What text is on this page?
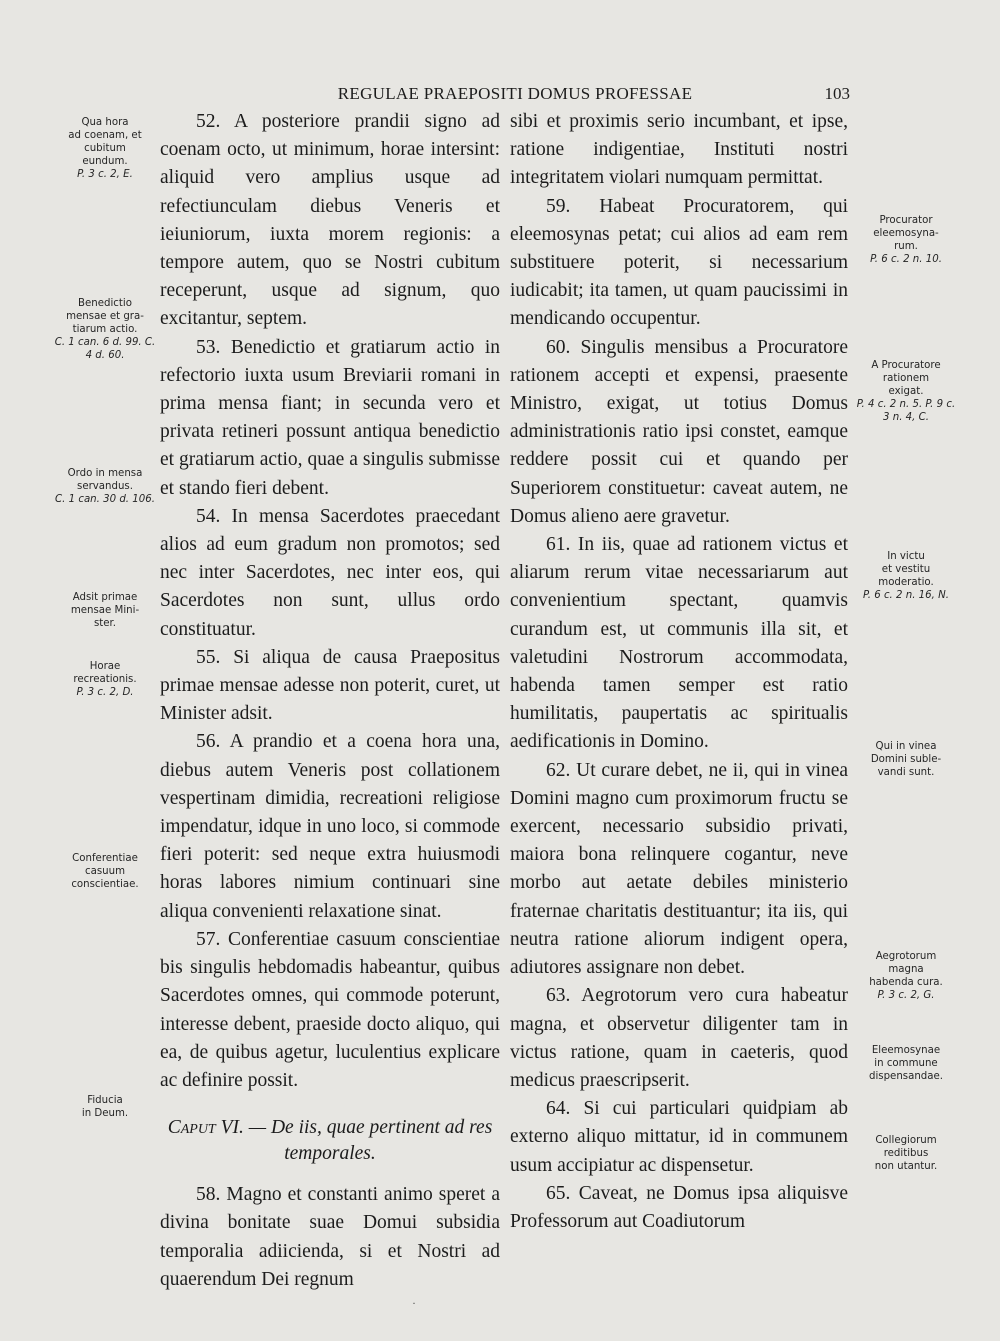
REGULAE PRAEPOSITI DOMUS PROFESSAE	103
Qua hora
ad coenam, et
cubitum
eundum.
P. 3 c. 2, E.
Benedictio
mensae et gra-
tiarum actio.
C. 1 can. 6 d. 99. C. 4 d. 60.
Ordo in mensa
servandus.
C. 1 can. 30 d. 106.
Adsit primae
mensae Mini-
ster.
Horae
recreationis.
P. 3 c. 2, D.
Conferentiae
casuum
conscientiae.
Fiducia
in Deum.
Procurator
eleemosyna-
rum.
P. 6 c. 2 n. 10.
A Procuratore
rationem
exigat.
P. 4 c. 2 n. 5. P. 9 c. 3 n. 4, C.
In victu
et vestitu
moderatio.
P. 6 c. 2 n. 16, N.
Qui in vinea
Domini suble-
vandi sunt.
Aegrotorum
magna
habenda cura.
P. 3 c. 2, G.
Eleemosynae
in commune
dispensandae.
Collegiorum
reditibus
non utantur.

52. A posteriore prandii signo ad coenam octo, ut minimum, horae intersint: aliquid vero amplius usque ad refectiunculam diebus Veneris et ieiuniorum, iuxta morem regionis: a tempore autem, quo se Nostri cubitum receperunt, usque ad signum, quo excitantur, septem.

53. Benedictio et gratiarum actio in refectorio iuxta usum Breviarii romani in prima mensa fiant; in secunda vero et privata retineri possunt antiqua benedictio et gratiarum actio, quae a singulis submisse et stando fieri debent.

54. In mensa Sacerdotes praecedant alios ad eum gradum non promotos; sed nec inter Sacerdotes, nec inter eos, qui Sacerdotes non sunt, ullus ordo constituatur.

55. Si aliqua de causa Praepositus primae mensae adesse non poterit, curet, ut Minister adsit.

56. A prandio et a coena hora una, diebus autem Veneris post collationem vespertinam dimidia, recreationi religiose impendatur, idque in uno loco, si commode fieri poterit: sed neque extra huiusmodi horas labores nimium continuari sine aliqua convenienti relaxatione sinat.

57. Conferentiae casuum conscientiae bis singulis hebdomadis habeantur, quibus Sacerdotes omnes, qui commode poterunt, interesse debent, praeside docto aliquo, qui ea, de quibus agetur, luculentius explicare ac definire possit.

Caput VI. — De iis, quae pertinent ad res temporales.

58. Magno et constanti animo speret a divina bonitate suae Domui subsidia temporalia adiicienda, si et Nostri ad quaerendum Dei regnum

sibi et proximis serio incumbant, et ipse, ratione indigentiae, Instituti nostri integritatem violari numquam permittat.

59. Habeat Procuratorem, qui eleemosynas petat; cui alios ad eam rem substituere poterit, si necessarium iudicabit; ita tamen, ut quam paucissimi in mendicando occupentur.

60. Singulis mensibus a Procuratore rationem accepti et expensi, praesente Ministro, exigat, ut totius Domus administrationis ratio ipsi constet, eamque reddere possit cui et quando per Superiorem constituetur: caveat autem, ne Domus alieno aere gravetur.

61. In iis, quae ad rationem victus et aliarum rerum vitae necessariarum aut convenientium spectant, quamvis curandum est, ut communis illa sit, et valetudini Nostrorum accommodata, habenda tamen semper est ratio humilitatis, paupertatis ac spiritualis aedificationis in Domino.

62. Ut curare debet, ne ii, qui in vinea Domini magno cum proximorum fructu se exercent, necessario subsidio privati, maiora bona relinquere cogantur, neve morbo aut aetate debiles ministerio fraternae charitatis destituantur; ita iis, qui neutra ratione aliorum indigent opera, adiutores assignare non debet.

63. Aegrotorum vero cura habeatur magna, et observetur diligenter tam in victus ratione, quam in caeteris, quod medicus praescripserit.

64. Si cui particulari quidpiam ab externo aliquo mittatur, id in communem usum accipiatur ac dispensetur.

65. Caveat, ne Domus ipsa aliquisve Professorum aut Coadiutorum

·
